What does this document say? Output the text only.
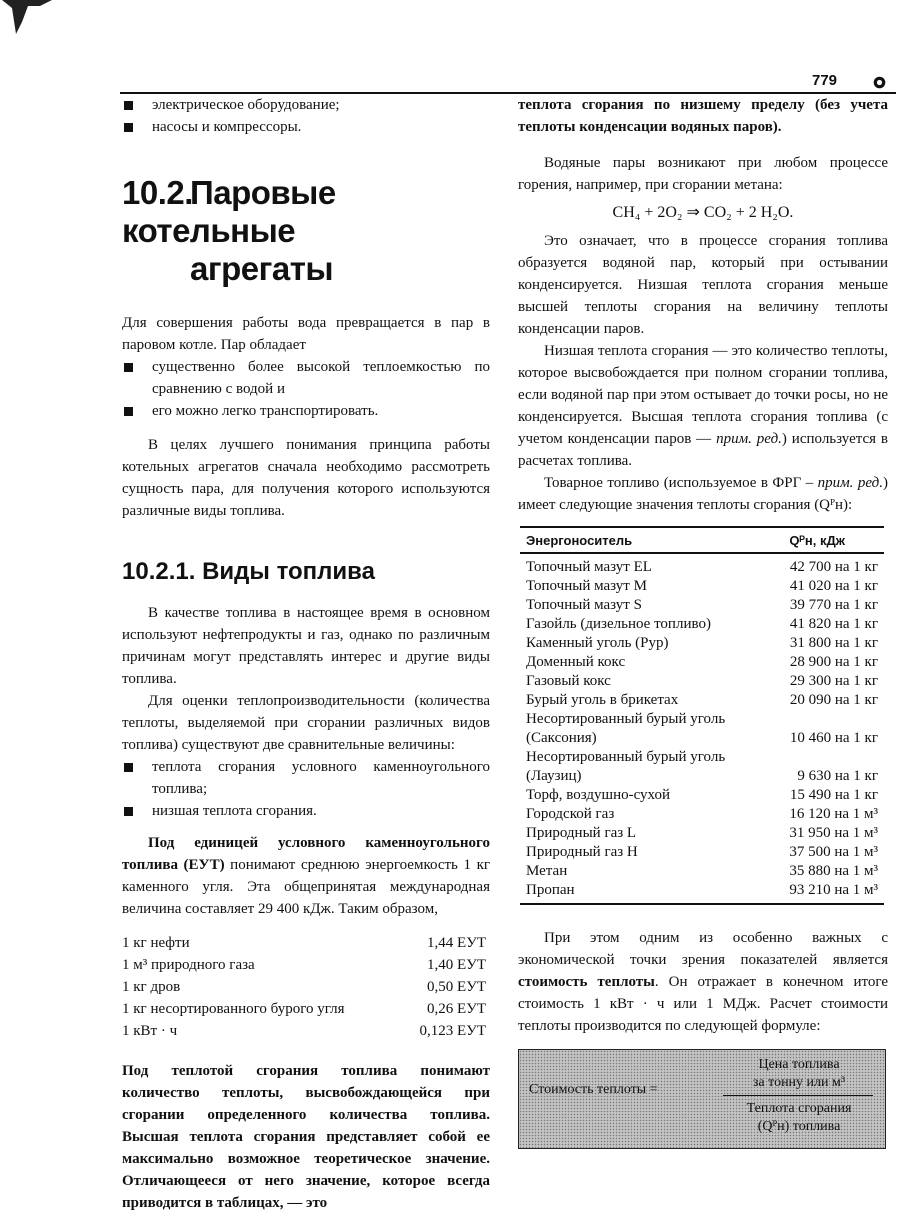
779
электрическое оборудование;
насосы и компрессоры.
10.2.Паровые котельные
агрегаты

Для совершения работы вода превращается в пар в паровом котле. Пар обладает

существенно более высокой теплоемкостью по сравнению с водой и
его можно легко транспортировать.

В целях лучшего понимания принципа работы котельных агрегатов сначала необходимо рассмотреть сущность пара, для получения которого используются различные виды топлива.

10.2.1. Виды топлива

В качестве топлива в настоящее время в основном используют нефтепродукты и газ, однако по различным причинам могут представлять интерес и другие виды топлива.

Для оценки теплопроизводительности (количества теплоты, выделяемой при сгорании различных видов топлива) существуют две сравнительные величины:

теплота сгорания условного каменноугольного топлива;
низшая теплота сгорания.

Под единицей условного каменноугольного топлива (ЕУТ) понимают среднюю энергоемкость 1 кг каменного угля. Эта общепринятая международная величина составляет 29 400 кДж. Таким образом,

1 кг нефти	1,44 ЕУТ
1 м³ природного газа	1,40 ЕУТ
1 кг дров	0,50 ЕУТ
1 кг несортированного бурого угля	0,26 ЕУТ
1 кВт · ч	0,123 ЕУТ

Под теплотой сгорания топлива понимают количество теплоты, высвобождающейся при сгорании определенного количества топлива. Высшая теплота сгорания представляет собой ее максимально возможное теоретическое значение. Отличающееся от него значение, которое всегда приводится в таблицах, — это

теплота сгорания по низшему пределу (без учета теплоты конденсации водяных паров).

Водяные пары возникают при любом процессе горения, например, при сгорании метана:

CH₄ + 2O₂ ⇒ CO₂ + 2 H₂O.

Это означает, что в процессе сгорания топлива образуется водяной пар, который при остывании конденсируется. Низшая теплота сгорания меньше высшей теплоты сгорания на величину теплоты конденсации паров.

Низшая теплота сгорания — это количество теплоты, которое высвобождается при полном сгорании топлива, если водяной пар при этом остывает до точки росы, но не конденсируется. Высшая теплота сгорания топлива (с учетом конденсации паров — прим. ред.) используется в расчетах топлива.

Товарное топливо (используемое в ФРГ – прим. ред.) имеет следующие значения теплоты сгорания (Qᴾн):

Энергоноситель	Qᴾн, кДж
Топочный мазут EL	42 700 на 1 кг
Топочный мазут M	41 020 на 1 кг
Топочный мазут S	39 770 на 1 кг
Газойль (дизельное топливо)	41 820 на 1 кг
Каменный уголь (Рур)	31 800 на 1 кг
Доменный кокс	28 900 на 1 кг
Газовый кокс	29 300 на 1 кг
Бурый уголь в брикетах	20 090 на 1 кг
Несортированный бурый уголь (Саксония)	10 460 на 1 кг
Несортированный бурый уголь (Лаузиц)	9 630 на 1 кг
Торф, воздушно-сухой	15 490 на 1 кг
Городской газ	16 120 на 1 м³
Природный газ L	31 950 на 1 м³
Природный газ H	37 500 на 1 м³
Метан	35 880 на 1 м³
Пропан	93 210 на 1 м³

При этом одним из особенно важных с экономической точки зрения показателей является стоимость теплоты. Он отражает в конечном итоге стоимость 1 кВт · ч или 1 МДж. Расчет стоимости теплоты производится по следующей формуле:

Стоимость теплоты =
Цена топлива
за тонну или м³
Теплота сгорания
(Qᴾн) топлива
